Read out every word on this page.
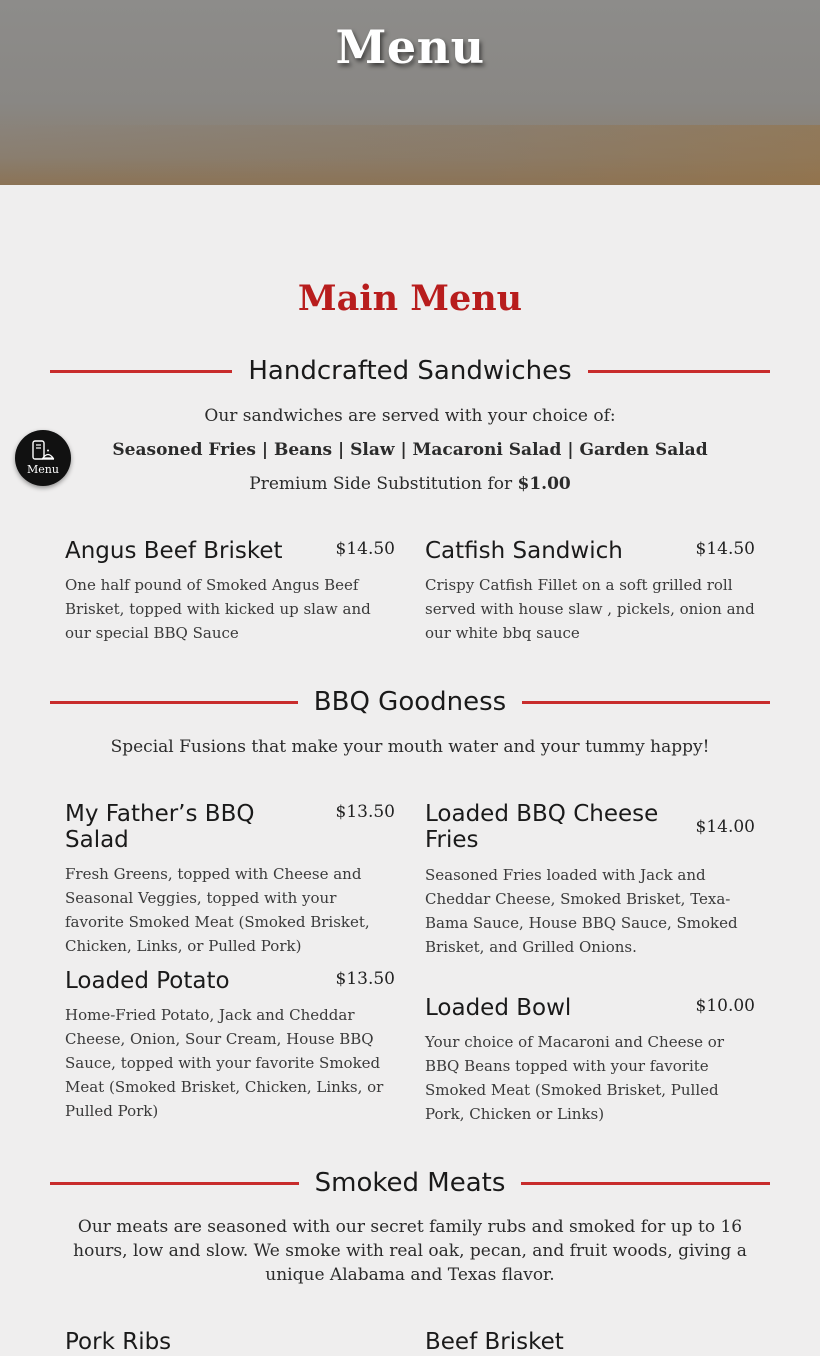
Menu
Menu
Main Menu
Handcrafted Sandwiches
Our sandwiches are served with your choice of:
Seasoned Fries | Beans | Slaw | Macaroni Salad | Garden Salad
Premium Side Substitution for $1.00
Angus Beef Brisket	$14.50
One half pound of Smoked Angus Beef Brisket, topped with kicked up slaw and our special BBQ Sauce
Catfish Sandwich	$14.50
Crispy Catfish Fillet on a soft grilled roll served with house slaw , pickels, onion and our white bbq sauce
BBQ Goodness
Special Fusions that make your mouth water and your tummy happy!
My Father’s BBQ Salad
$13.50
Fresh Greens, topped with Cheese and Seasonal Veggies, topped with your favorite Smoked Meat (Smoked Brisket, Chicken, Links, or Pulled Pork)
Loaded BBQ Cheese Fries	$14.00
Seasoned Fries loaded with Jack and Cheddar Cheese, Smoked Brisket, Texa-Bama Sauce, House BBQ Sauce, Smoked Brisket, and Grilled Onions.
Loaded Potato	$13.50
Home-Fried Potato, Jack and Cheddar Cheese, Onion, Sour Cream, House BBQ Sauce, topped with your favorite Smoked Meat (Smoked Brisket, Chicken, Links, or Pulled Pork)
Loaded Bowl	$10.00
Your choice of Macaroni and Cheese or BBQ Beans topped with your favorite Smoked Meat (Smoked Brisket, Pulled Pork, Chicken or Links)
Smoked Meats
Our meats are seasoned with our secret family rubs and smoked for up to 16 hours, low and slow. We smoke with real oak, pecan, and fruit woods, giving a unique Alabama and Texas flavor.
Pork Ribs	Beef Brisket
